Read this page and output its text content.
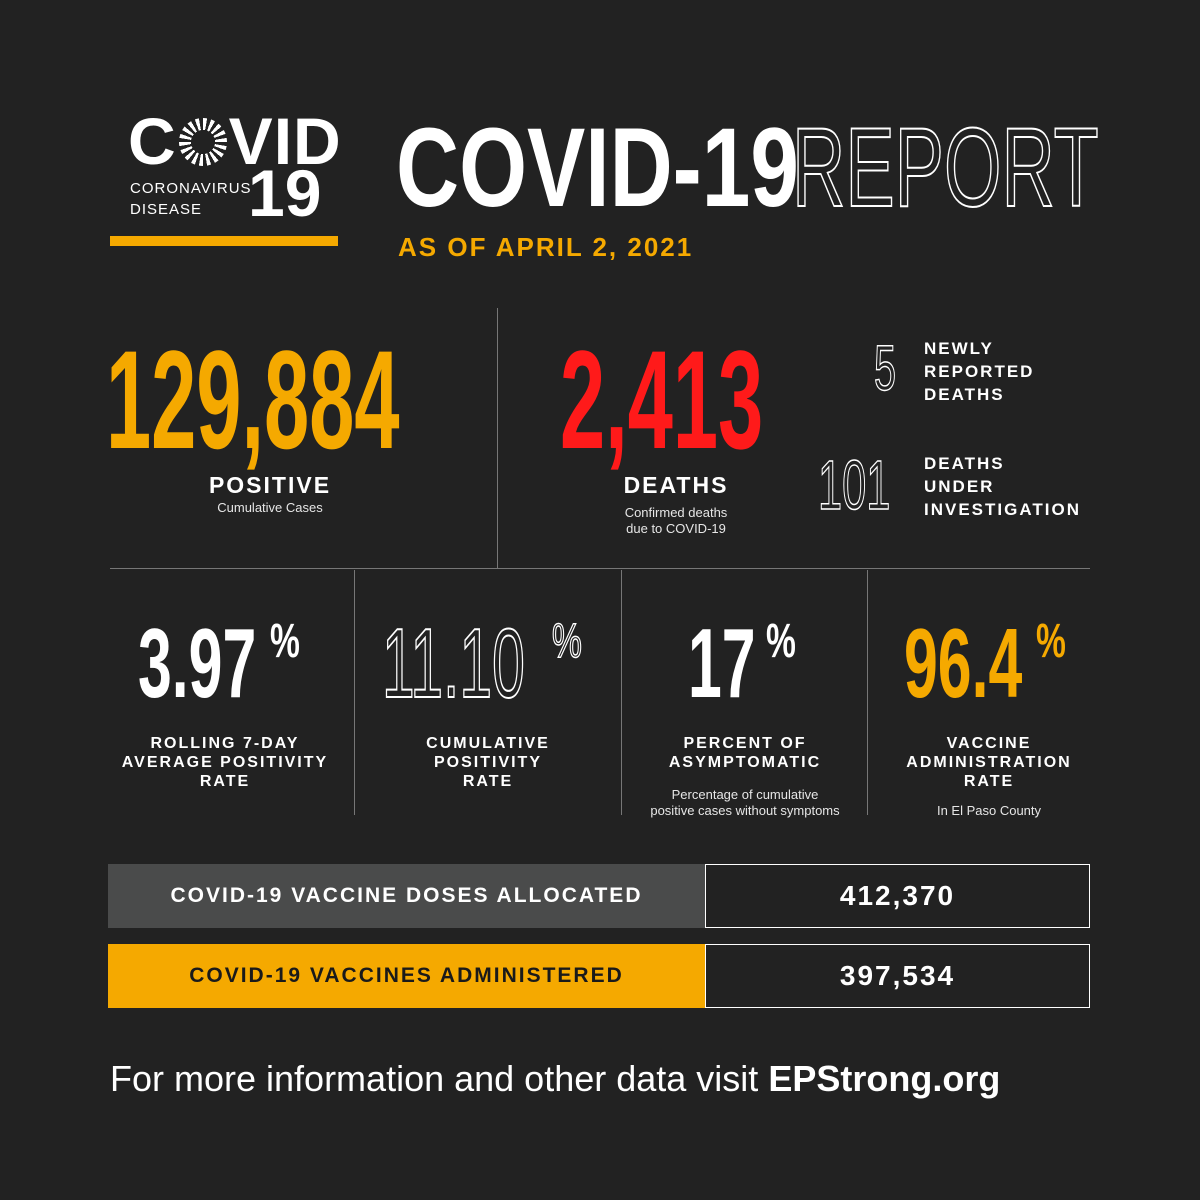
C VID
CORONAVIRUS
DISEASE 19 COVID-19
REPORT
AS OF APRIL 2, 2021
129,884
POSITIVE
Cumulative Cases
2,413
DEATHS
Confirmed deaths
due to COVID-19
5	NEWLY
REPORTED
DEATHS
101	DEATHS
UNDER
INVESTIGATION
3.97 %
ROLLING 7-DAY
AVERAGE POSITIVITY
RATE
11.10 %
CUMULATIVE
POSITIVITY
RATE
17 %
PERCENT OF
ASYMPTOMATIC
Percentage of cumulative
positive cases without symptoms
96.4 %
VACCINE
ADMINISTRATION
RATE
In El Paso County
COVID-19 VACCINE DOSES ALLOCATED	412,370
COVID-19 VACCINES ADMINISTERED	397,534
For more information and other data visit EPStrong.org
